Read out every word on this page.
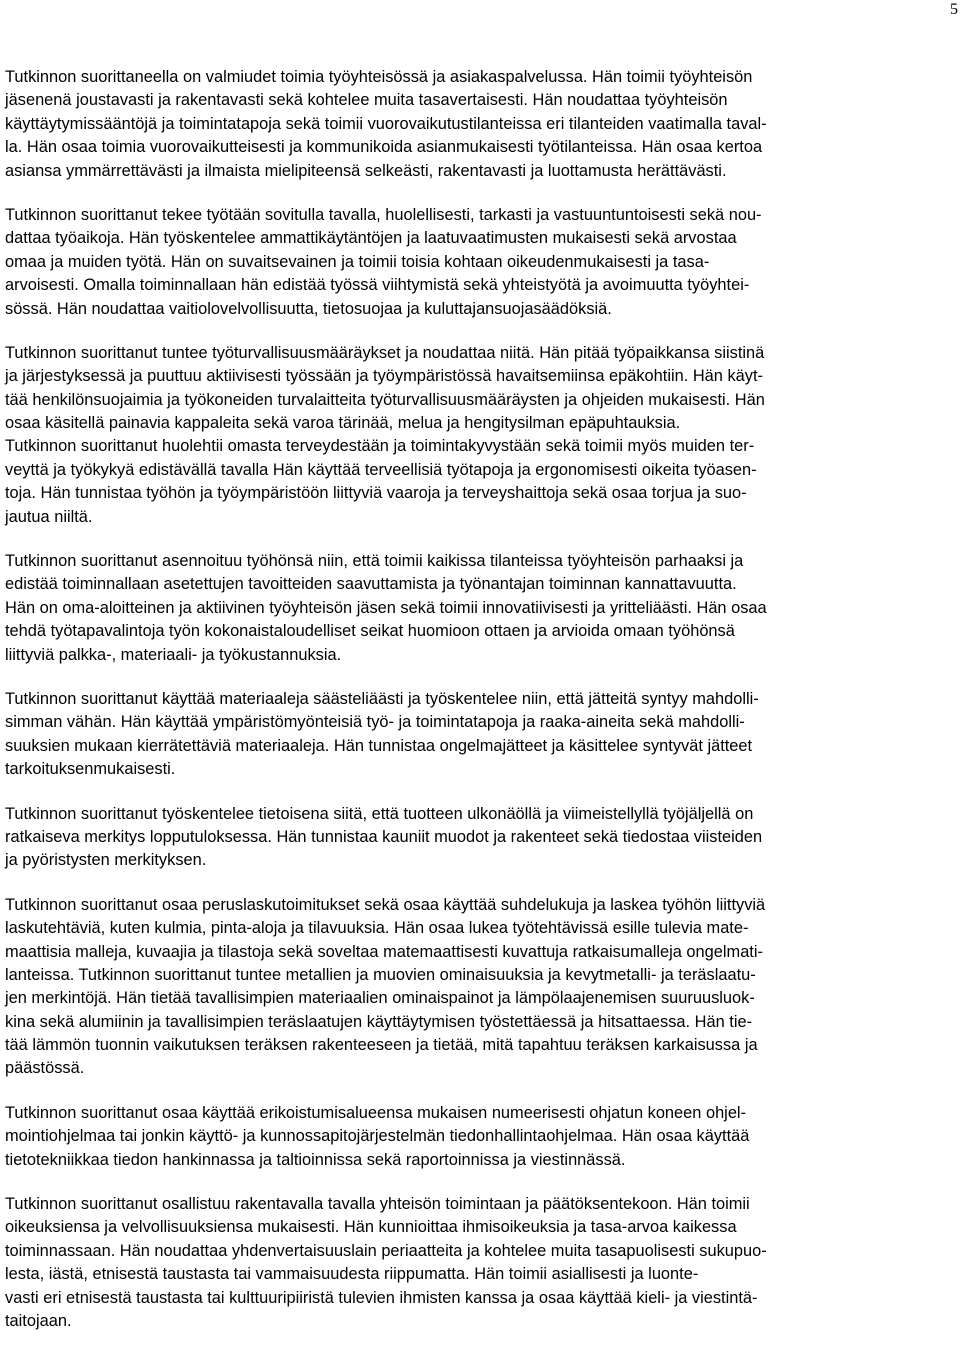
5
Tutkinnon suorittaneella on valmiudet toimia työyhteisössä ja asiakaspalvelussa. Hän toimii työyhteisön
jäsenenä joustavasti ja rakentavasti sekä kohtelee muita tasavertaisesti. Hän noudattaa työyhteisön
käyttäytymissääntöjä ja toimintatapoja sekä toimii vuorovaikutustilanteissa eri tilanteiden vaatimalla taval-
la. Hän osaa toimia vuorovaikutteisesti ja kommunikoida asianmukaisesti työtilanteissa. Hän osaa kertoa
asiansa ymmärrettävästi ja ilmaista mielipiteensä selkeästi, rakentavasti ja luottamusta herättävästi.
Tutkinnon suorittanut tekee työtään sovitulla tavalla, huolellisesti, tarkasti ja vastuuntuntoisesti sekä nou-
dattaa työaikoja. Hän työskentelee ammattikäytäntöjen ja laatuvaatimusten mukaisesti sekä arvostaa
omaa ja muiden työtä. Hän on suvaitsevainen ja toimii toisia kohtaan oikeudenmukaisesti ja tasa-
arvoisesti. Omalla toiminnallaan hän edistää työssä viihtymistä sekä yhteistyötä ja avoimuutta työyhtei-
sössä. Hän noudattaa vaitiolovelvollisuutta, tietosuojaa ja kuluttajansuojasäädöksiä.
Tutkinnon suorittanut tuntee työturvallisuusmääräykset ja noudattaa niitä. Hän pitää työpaikkansa siistinä
ja järjestyksessä ja puuttuu aktiivisesti työssään ja työympäristössä havaitsemiinsa epäkohtiin. Hän käyt-
tää henkilönsuojaimia ja työkoneiden turvalaitteita työturvallisuusmääräysten ja ohjeiden mukaisesti. Hän
osaa käsitellä painavia kappaleita sekä varoa tärinää, melua ja hengitysilman epäpuhtauksia.
Tutkinnon suorittanut huolehtii omasta terveydestään ja toimintakyvystään sekä toimii myös muiden ter-
veyttä ja työkykyä edistävällä tavalla Hän käyttää terveellisiä työtapoja ja ergonomisesti oikeita työasen-
toja. Hän tunnistaa työhön ja työympäristöön liittyviä vaaroja ja terveyshaittoja sekä osaa torjua ja suo-
jautua niiltä.
Tutkinnon suorittanut asennoituu työhönsä niin, että toimii kaikissa tilanteissa työyhteisön parhaaksi ja
edistää toiminnallaan asetettujen tavoitteiden saavuttamista ja työnantajan toiminnan kannattavuutta.
Hän on oma-aloitteinen ja aktiivinen työyhteisön jäsen sekä toimii innovatiivisesti ja yritteliäästi. Hän osaa
tehdä työtapavalintoja työn kokonaistaloudelliset seikat huomioon ottaen ja arvioida omaan työhönsä
liittyviä palkka-, materiaali- ja työkustannuksia.
Tutkinnon suorittanut käyttää materiaaleja säästeliäästi ja työskentelee niin, että jätteitä syntyy mahdolli-
simman vähän. Hän käyttää ympäristömyönteisiä työ- ja toimintatapoja ja raaka-aineita sekä mahdolli-
suuksien mukaan kierrätettäviä materiaaleja. Hän tunnistaa ongelmajätteet ja käsittelee syntyvät jätteet
tarkoituksenmukaisesti.
Tutkinnon suorittanut työskentelee tietoisena siitä, että tuotteen ulkonäöllä ja viimeistellyllä työjäljellä on
ratkaiseva merkitys lopputuloksessa. Hän tunnistaa kauniit muodot ja rakenteet sekä tiedostaa viisteiden
ja pyöristysten merkityksen.
Tutkinnon suorittanut osaa peruslaskutoimitukset sekä osaa käyttää suhdelukuja ja laskea työhön liittyviä
laskutehtäviä, kuten kulmia, pinta-aloja ja tilavuuksia. Hän osaa lukea työtehtävissä esille tulevia mate-
maattisia malleja, kuvaajia ja tilastoja sekä soveltaa matemaattisesti kuvattuja ratkaisumalleja ongelmati-
lanteissa. Tutkinnon suorittanut tuntee metallien ja muovien ominaisuuksia ja kevytmetalli- ja teräslaatu-
jen merkintöjä. Hän tietää tavallisimpien materiaalien ominaispainot ja lämpölaajenemisen suuruusluok-
kina sekä alumiinin ja tavallisimpien teräslaatujen käyttäytymisen työstettäessä ja hitsattaessa. Hän tie-
tää lämmön tuonnin vaikutuksen teräksen rakenteeseen ja tietää, mitä tapahtuu teräksen karkaisussa ja
päästössä.
Tutkinnon suorittanut osaa käyttää erikoistumisalueensa mukaisen numeerisesti ohjatun koneen ohjel-
mointiohjelmaa tai jonkin käyttö- ja kunnossapitojärjestelmän tiedonhallintaohjelmaa. Hän osaa käyttää
tietotekniikkaa tiedon hankinnassa ja taltioinnissa sekä raportoinnissa ja viestinnässä.
Tutkinnon suorittanut osallistuu rakentavalla tavalla yhteisön toimintaan ja päätöksentekoon. Hän toimii
oikeuksiensa ja velvollisuuksiensa mukaisesti. Hän kunnioittaa ihmisoikeuksia ja tasa-arvoa kaikessa
toiminnassaan. Hän noudattaa yhdenvertaisuuslain periaatteita ja kohtelee muita tasapuolisesti sukupuo-
lesta, iästä, etnisestä taustasta tai vammaisuudesta riippumatta. Hän toimii asiallisesti ja luonte-
vasti eri etnisestä taustasta tai kulttuuripiiristä tulevien ihmisten kanssa ja osaa käyttää kieli- ja viestintä-
taitojaan.
